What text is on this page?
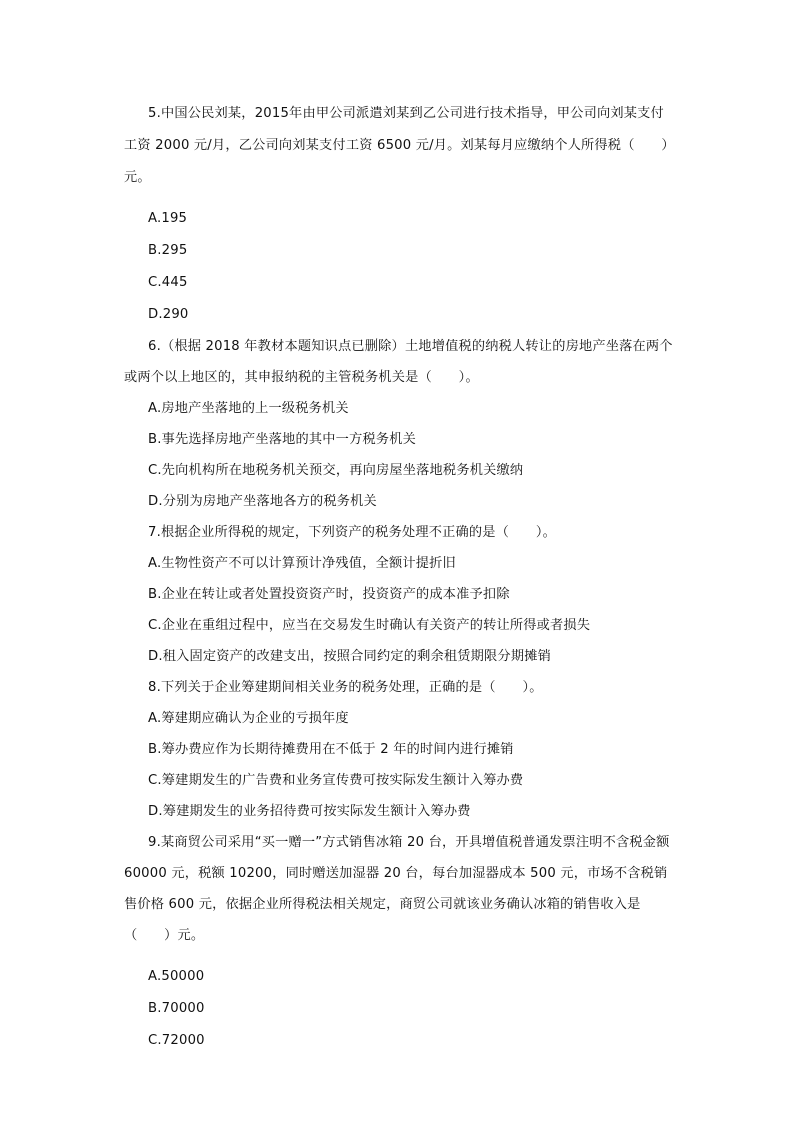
5.中国公民刘某，2015年由甲公司派遣刘某到乙公司进行技术指导，甲公司向刘某支付工资 2000 元/月，乙公司向刘某支付工资 6500 元/月。刘某每月应缴纳个人所得税（　　）元。

A.195
B.295
C.445
D.290

6.（根据 2018 年教材本题知识点已删除）土地增值税的纳税人转让的房地产坐落在两个或两个以上地区的，其申报纳税的主管税务机关是（　　）。

A.房地产坐落地的上一级税务机关
B.事先选择房地产坐落地的其中一方税务机关
C.先向机构所在地税务机关预交，再向房屋坐落地税务机关缴纳
D.分别为房地产坐落地各方的税务机关

7.根据企业所得税的规定，下列资产的税务处理不正确的是（　　）。

A.生物性资产不可以计算预计净残值，全额计提折旧
B.企业在转让或者处置投资资产时，投资资产的成本准予扣除
C.企业在重组过程中，应当在交易发生时确认有关资产的转让所得或者损失
D.租入固定资产的改建支出，按照合同约定的剩余租赁期限分期摊销

8.下列关于企业筹建期间相关业务的税务处理，正确的是（　　）。

A.筹建期应确认为企业的亏损年度
B.筹办费应作为长期待摊费用在不低于 2 年的时间内进行摊销
C.筹建期发生的广告费和业务宣传费可按实际发生额计入筹办费
D.筹建期发生的业务招待费可按实际发生额计入筹办费

9.某商贸公司采用“买一赠一”方式销售冰箱 20 台，开具增值税普通发票注明不含税金额 60000 元，税额 10200，同时赠送加湿器 20 台，每台加湿器成本 500 元，市场不含税销售价格 600 元，依据企业所得税法相关规定，商贸公司就该业务确认冰箱的销售收入是（　　）元。

A.50000
B.70000
C.72000
